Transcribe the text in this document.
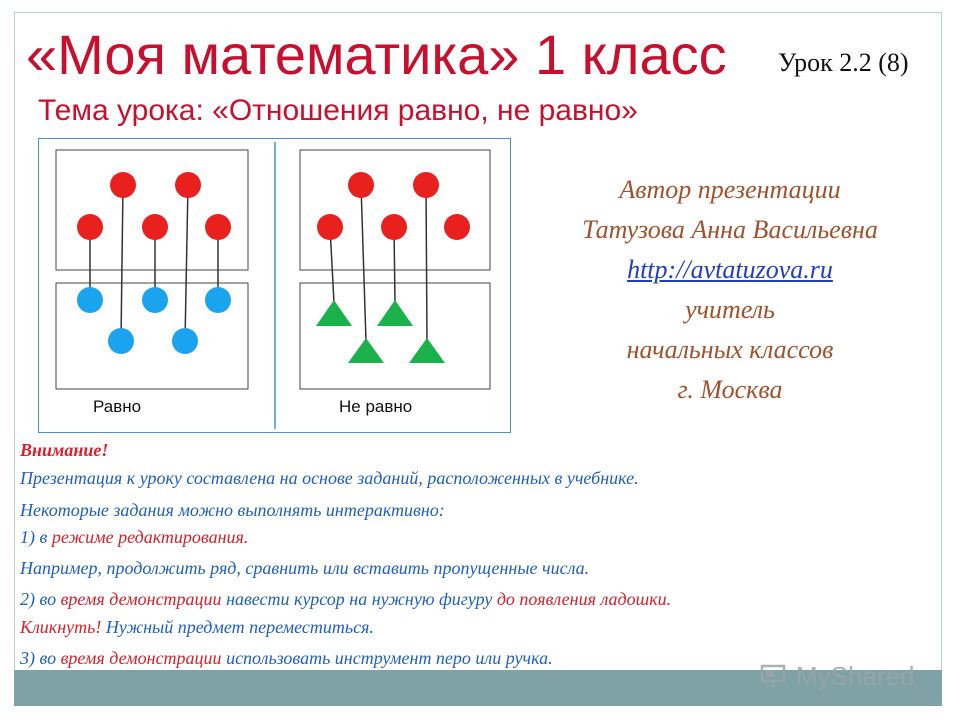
«Моя математика» 1 класс Урок 2.2 (8)
Тема урока: «Отношения равно, не равно»
Равно	Не равно
Автор презентации
Татузова Анна Васильевна
http://avtatuzova.ru
учитель
начальных классов
г. Москва
Внимание!
Презентация к уроку составлена на основе заданий, расположенных в учебнике.
Некоторые задания можно выполнять интерактивно:
1) в режиме редактирования.
Например, продолжить ряд, сравнить или вставить пропущенные числа.
2) во время демонстрации навести курсор на нужную фигуру до появления ладошки.
Кликнуть! Нужный предмет переместиться.
3) во время демонстрации использовать инструмент перо или ручка.
MyShared
